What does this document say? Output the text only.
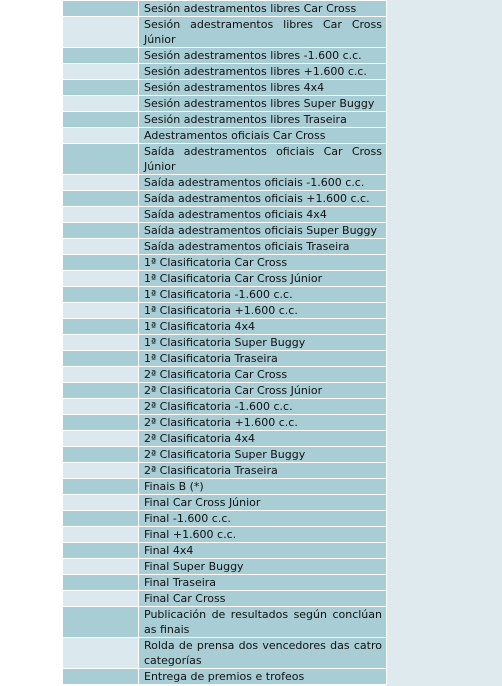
	Sesión adestramentos libres Car Cross
	Sesión adestramentos libres Car Cross Júnior
	Sesión adestramentos libres -1.600 c.c.
	Sesión adestramentos libres +1.600 c.c.
	Sesión adestramentos libres 4x4
	Sesión adestramentos libres Super Buggy
	Sesión adestramentos libres Traseira
	Adestramentos oficiais Car Cross
	Saída adestramentos oficiais Car Cross Júnior
	Saída adestramentos oficiais -1.600 c.c.
	Saída adestramentos oficiais +1.600 c.c.
	Saída adestramentos oficiais 4x4
	Saída adestramentos oficiais Super Buggy
	Saída adestramentos oficiais Traseira
	1ª Clasificatoria Car Cross
	1ª Clasificatoria Car Cross Júnior
	1ª Clasificatoria -1.600 c.c.
	1ª Clasificatoria +1.600 c.c.
	1ª Clasificatoria 4x4
	1ª Clasificatoria Super Buggy
	1ª Clasificatoria Traseira
	2ª Clasificatoria Car Cross
	2ª Clasificatoria Car Cross Júnior
	2ª Clasificatoria -1.600 c.c.
	2ª Clasificatoria +1.600 c.c.
	2ª Clasificatoria 4x4
	2ª Clasificatoria Super Buggy
	2ª Clasificatoria Traseira
	Finais B (*)
	Final Car Cross Júnior
	Final -1.600 c.c.
	Final +1.600 c.c.
	Final 4x4
	Final Super Buggy
	Final Traseira
	Final Car Cross
	Publicación de resultados según conclúan as finais
	Rolda de prensa dos vencedores das catro categorías
	Entrega de premios e trofeos
